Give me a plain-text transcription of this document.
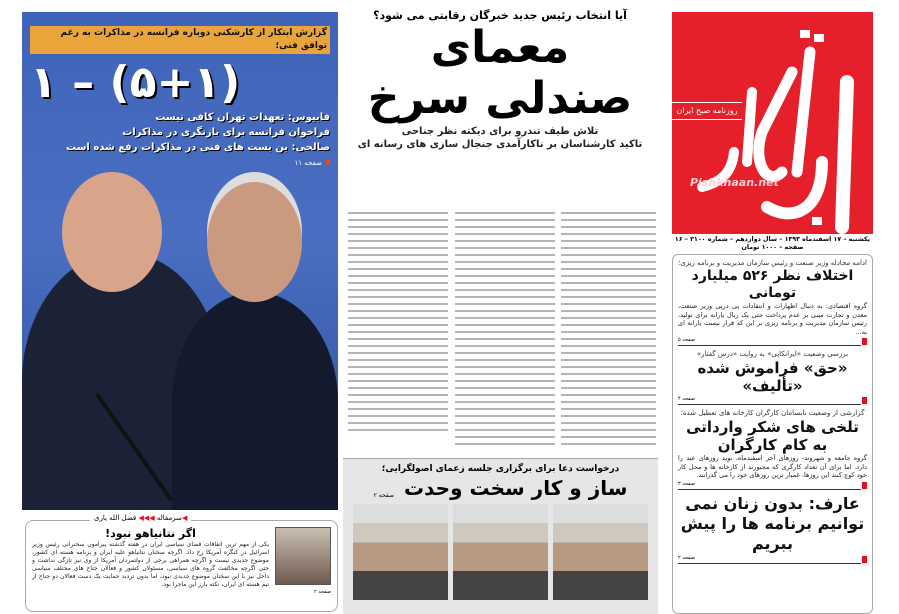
گزارش ابتکار از کارشکنی دوباره فرانسه در مذاکرات به رغم توافق فنی؛
۱ – (۵+۱)
فابیوس: تعهدات تهران کافی نیست
فراخوان فرانسه برای بازنگری در مذاکرات
صالحی: بن بست های فنی در مذاکرات رفع شده است
صفحه ۱۱
اگر نتانیاهو نبود!
یکی از مهم ترین اتفاقات فضای سیاسی ایران در هفته گذشته پیرامون سخنرانی رئیس وزیر اسرائیل در کنگره آمریکا رخ داد. اگرچه سخنان نتانیاهو علیه ایران و برنامه هسته ای کشور، موضوع جدیدی نیست و اگرچه همراهی برخی از دولتمردان آمریکا از وی نیز تازگی نداشت و حتی اگرچه مخالفت گروه های سیاسی، مسئولان کشور و فعالان جناح های مختلف سیاسی داخل نیز با این سخنان موضوع جدیدی نبود، اما بدون تردید حمایت یک دست فعالان دو جناح از تیم هسته ای ایران، نکته بارز این ماجرا بود.
صفحه ۲
◀سرمقاله ◀◀◀ فضل الله یاری
آیا انتخاب رئیس جدید خبرگان رقابتی می شود؟
معمای
صندلی سرخ
تلاش طیف تندرو برای دیکته نظر جناحی
تاکید کارشناسان بر ناکارآمدی جنجال سازی های رسانه ای
درخواست دعا برای برگزاری جلسه زعمای اصولگرایی؛
ساز و کار سخت وحدت
صفحه ۲
روزنامه صبح ایران
Pishkhaan.net
یکشنبه – ۱۷ اسفندماه ۱۳۹۳ – سال دوازدهم – شماره ۳۱۰۰ – ۱۶ صفحه – ۱۰۰۰ تومان
ادامه مجادله وزیر صنعت و رئیس سازمان مدیریت و برنامه ریزی؛
اختلاف نظر ۵۲۶ میلیارد تومانی
گروه اقتصادی: به دنبال اظهارات و انتقادات پی درپی وزیر صنعت، معدن و تجارت مبنی بر عدم پرداخت حتی یک ریال یارانه برای تولید، رئیس سازمان مدیریت و برنامه ریزی بر این که قرار نیست یارانه ای به...
صفحه ۵
بررسی وضعیت «ایرانکاپی» به روایت «درس گفتار»
«حق» فراموش شده «تألیف»
صفحه ۴
گزارشی از وضعیت نابسامان کارگران کارخانه های تعطیل شده؛
تلخی های شکر وارداتی به کام کارگران
گروه جامعه و شهروند- روزهای آخر اسفندماه، نوید روزهای عید را دارد. اما برای آن تعداد کارگری که مجبورند از کارخانه ها و محل کار خود کوچ کنند این روزها، غمبار ترین روزهای خود را می گذرانند.
صفحه ۳
عارف: بدون زنان نمی توانیم برنامه ها را پیش ببریم
صفحه ۲
